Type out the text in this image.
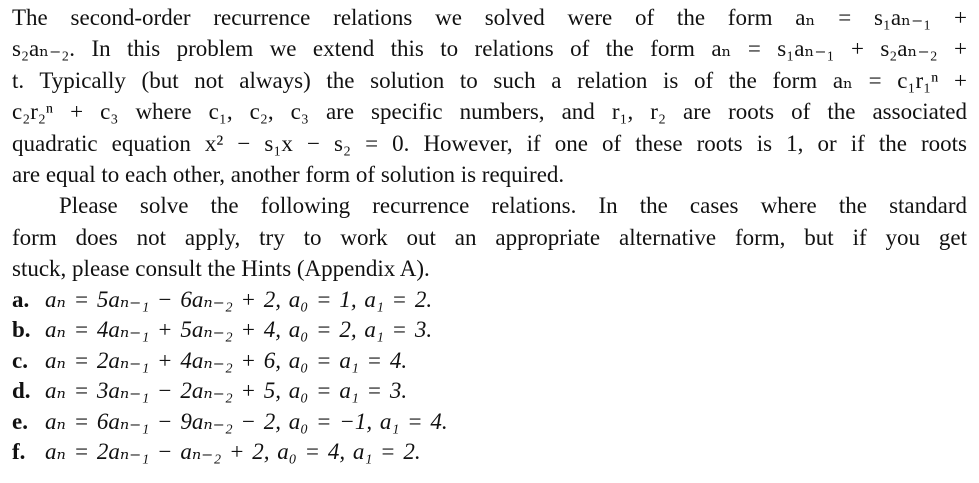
The second-order recurrence relations we solved were of the form aₙ = s₁aₙ₋₁ +
s₂aₙ₋₂. In this problem we extend this to relations of the form aₙ = s₁aₙ₋₁ + s₂aₙ₋₂ +
t. Typically (but not always) the solution to such a relation is of the form aₙ = c₁r₁ⁿ +
c₂r₂ⁿ + c₃ where c₁, c₂, c₃ are specific numbers, and r₁, r₂ are roots of the associated
quadratic equation x² − s₁x − s₂ = 0. However, if one of these roots is 1, or if the roots
are equal to each other, another form of solution is required.

Please solve the following recurrence relations. In the cases where the standard
form does not apply, try to work out an appropriate alternative form, but if you get
stuck, please consult the Hints (Appendix A).

a. aₙ = 5aₙ₋₁ − 6aₙ₋₂ + 2, a₀ = 1, a₁ = 2.
b. aₙ = 4aₙ₋₁ + 5aₙ₋₂ + 4, a₀ = 2, a₁ = 3.
c. aₙ = 2aₙ₋₁ + 4aₙ₋₂ + 6, a₀ = a₁ = 4.
d. aₙ = 3aₙ₋₁ − 2aₙ₋₂ + 5, a₀ = a₁ = 3.
e. aₙ = 6aₙ₋₁ − 9aₙ₋₂ − 2, a₀ = −1, a₁ = 4.
f. aₙ = 2aₙ₋₁ − aₙ₋₂ + 2, a₀ = 4, a₁ = 2.
